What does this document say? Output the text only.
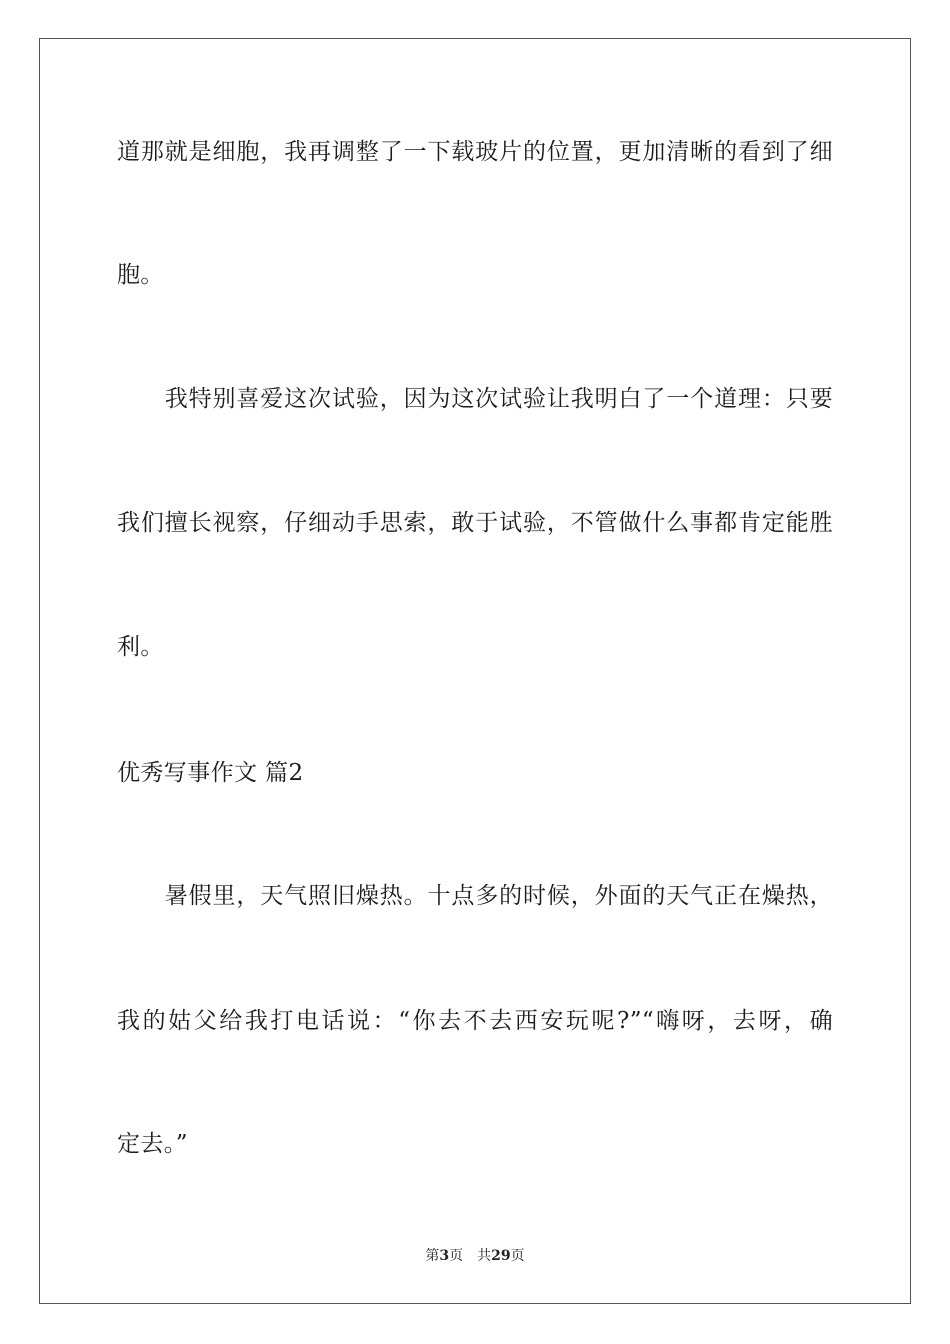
道那就是细胞，我再调整了一下载玻片的位置，更加清晰的看到了细
胞。
　　我特别喜爱这次试验，因为这次试验让我明白了一个道理：只要
我们擅长视察，仔细动手思索，敢于试验，不管做什么事都肯定能胜
利。
优秀写事作文 篇2
　　暑假里，天气照旧燥热。十点多的时候，外面的天气正在燥热，
我的姑父给我打电话说：“你去不去西安玩呢?”“嗨呀，去呀，确
定去。”
第3页　共29页
